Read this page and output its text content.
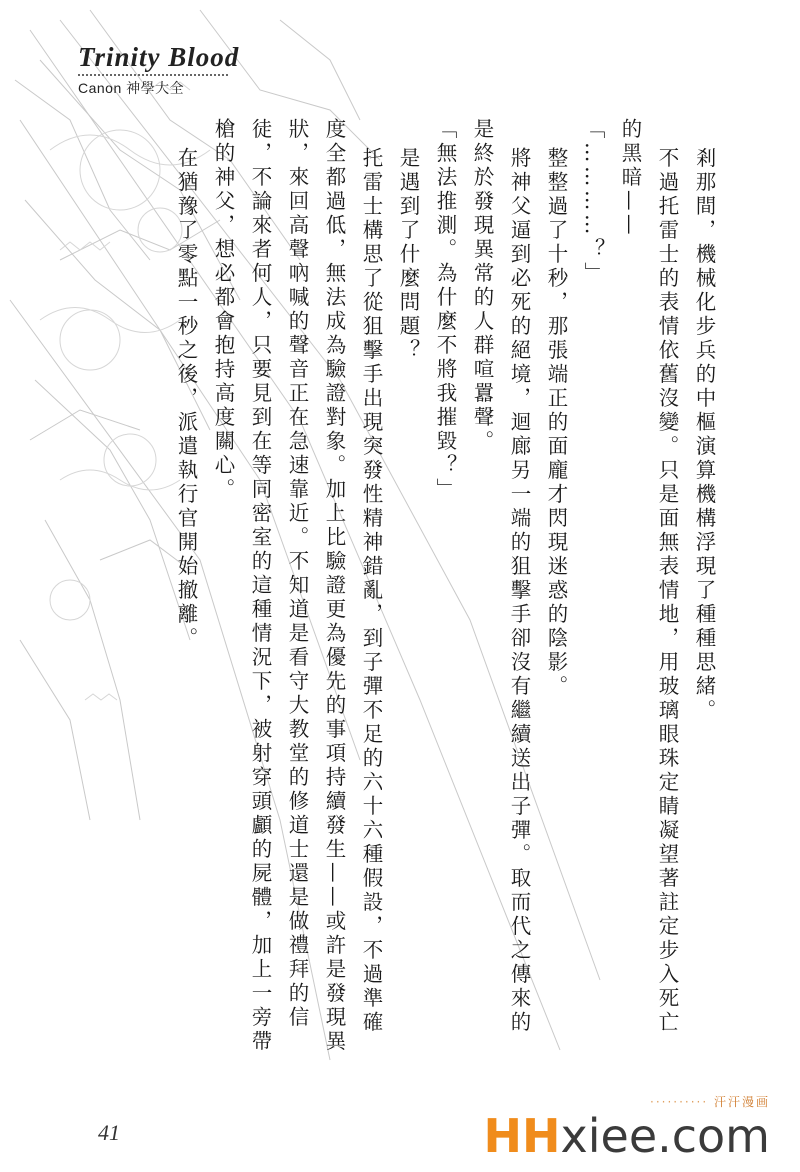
Trinity Blood
Canon 神學大全

剎那間，機械化步兵的中樞演算機構浮現了種種思緒。

不過托雷士的表情依舊沒變。只是面無表情地，用玻璃眼珠定睛凝望著註定步入死亡

的黑暗——

「…………？」

整整過了十秒，那張端正的面龐才閃現迷惑的陰影。

將神父逼到必死的絕境，迴廊另一端的狙擊手卻沒有繼續送出子彈。取而代之傳來的

是終於發現異常的人群喧囂聲。

「無法推測。為什麼不將我摧毀？」

是遇到了什麼問題？

托雷士構思了從狙擊手出現突發性精神錯亂，到子彈不足的六十六種假設，不過準確

度全都過低，無法成為驗證對象。加上比驗證更為優先的事項持續發生——或許是發現異

狀，來回高聲吶喊的聲音正在急速靠近。不知道是看守大教堂的修道士還是做禮拜的信

徒，不論來者何人，只要見到在等同密室的這種情況下，被射穿頭顱的屍體，加上一旁帶

槍的神父，想必都會抱持高度關心。

在猶豫了零點一秒之後，派遣執行官開始撤離。

41
·········· 汗汗漫画
HHxiee.com
